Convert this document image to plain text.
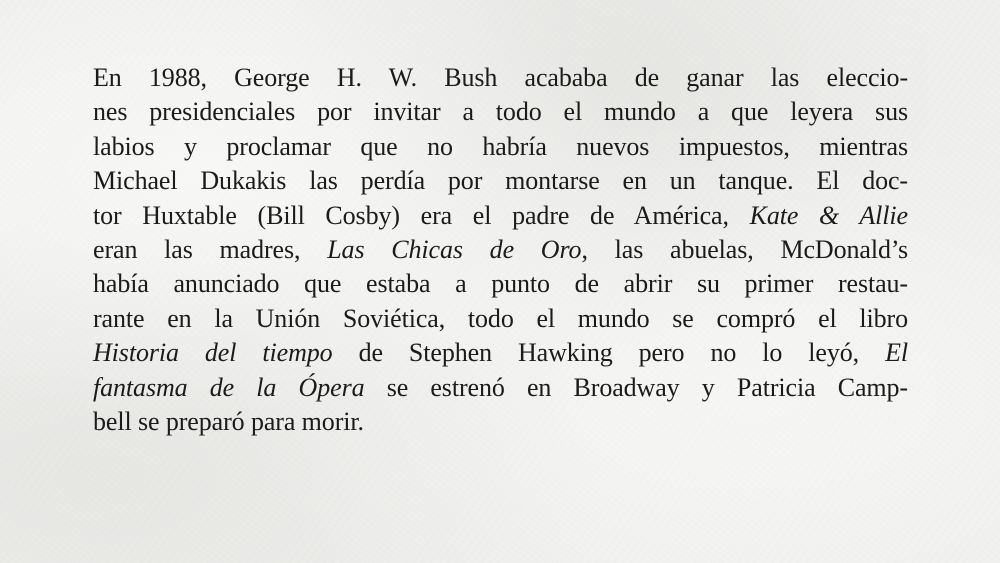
En 1988, George H. W. Bush acababa de ganar las eleccio-
nes presidenciales por invitar a todo el mundo a que leyera sus
labios y proclamar que no habría nuevos impuestos, mientras
Michael Dukakis las perdía por montarse en un tanque. El doc-
tor Huxtable (Bill Cosby) era el padre de América, Kate & Allie
eran las madres, Las Chicas de Oro, las abuelas, McDonald’s
había anunciado que estaba a punto de abrir su primer restau-
rante en la Unión Soviética, todo el mundo se compró el libro
Historia del tiempo de Stephen Hawking pero no lo leyó, El
fantasma de la Ópera se estrenó en Broadway y Patricia Camp-
bell se preparó para morir.
